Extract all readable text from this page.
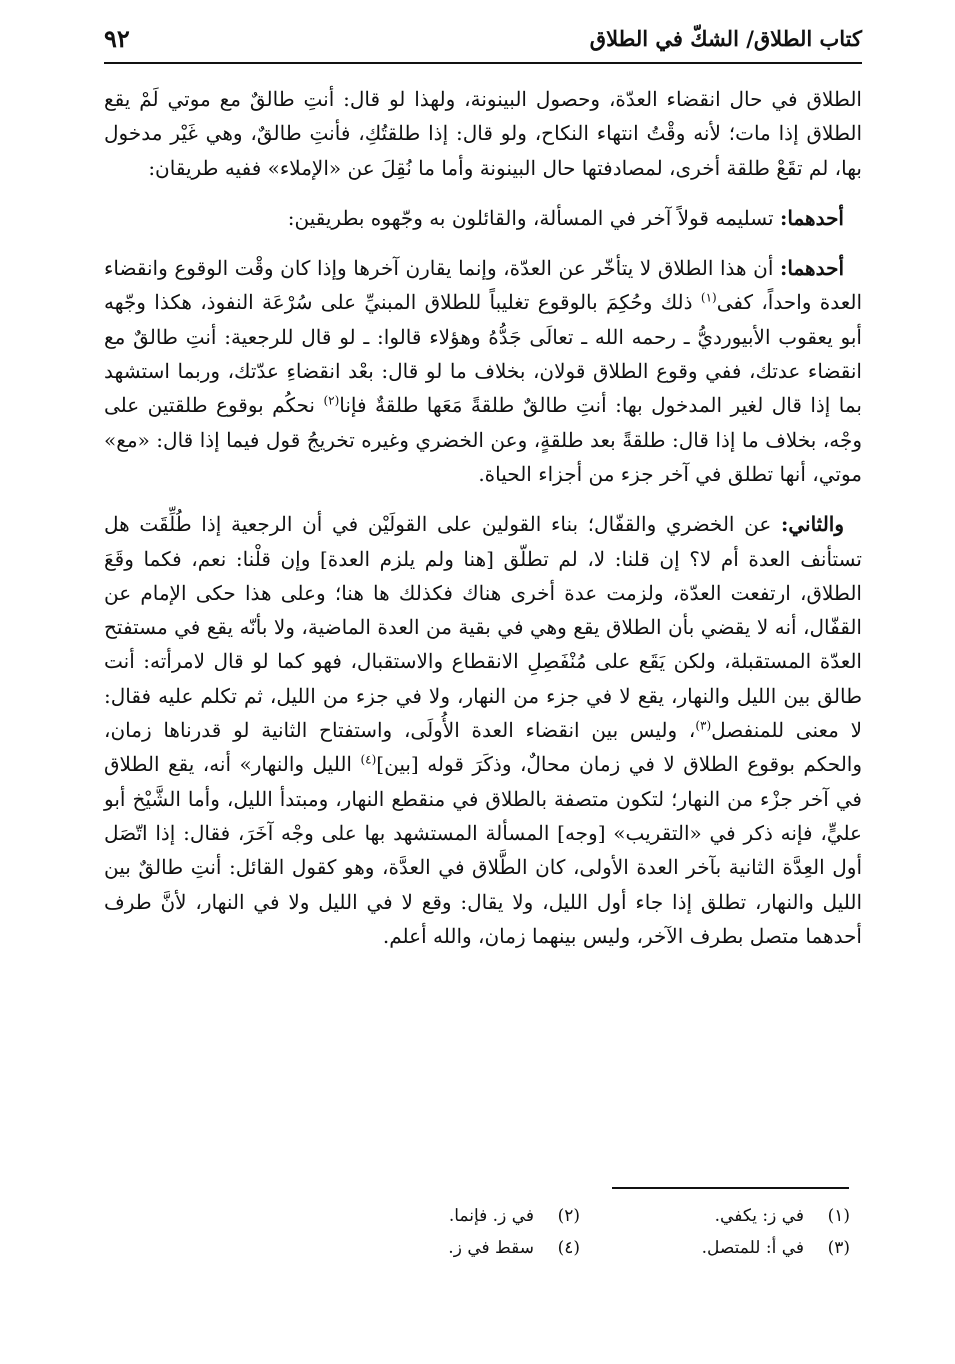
كتاب الطلاق/ الشكّ في الطلاق
٩٢

الطلاق في حال انقضاء العدّة، وحصول البينونة، ولهذا لو قال: أنتِ طالقٌ مع موتي لَمْ يقع الطلاق إذا مات؛ لأنه وقْتُ انتهاء النكاح، ولو قال: إذا طلقتُكِ، فأنتِ طالقٌ، وهي غَيْر مدخول بها، لم تقَعْ طلقة أخرى، لمصادفتها حال البينونة وأما ما نُقِلَ عن «الإملاء» ففيه طريقان:

أحدهما: تسليمه قولاً آخر في المسألة، والقائلون به وجّهوه بطريقين:

أحدهما: أن هذا الطلاق لا يتأخّر عن العدّة، وإنما يقارن آخرها وإذا كان وقْت الوقوع وانقضاء العدة واحداً، كفى$^{(١)}$ ذلك وحُكِمَ بالوقوع تغليباً للطلاق المبنيِّ على سُرْعَة النفوذ، هكذا وجّهه أبو يعقوب الأبيورديُّ ـ رحمه الله ـ تعالَى جَدُّهُ وهؤلاء قالوا: ـ لو قال للرجعية: أنتِ طالقٌ مع انقضاء عدتك، ففي وقوع الطلاق قولان، بخلاف ما لو قال: بعْد انقضاءِ عدّتك، وربما استشهد بما إذا قال لغير المدخول بها: أنتِ طالقٌ طلقةً مَعَها طلقةٌ فإنا$^{(٢)}$ نحكُم بوقوع طلقتين على وجْه، بخلاف ما إذا قال: طلقةً بعد طلقةٍ، وعن الخضري وغيره تخريجُ قول فيما إذا قال: «مع» موتي، أنها تطلق في آخر جزء من أجزاء الحياة.

والثاني: عن الخضري والقفّال؛ بناء القولين على القولَيْن في أن الرجعية إذا طُلِّقَت هل تستأنف العدة أم لا؟ إن قلنا: لا، لم تطلّق [هنا ولم يلزم العدة] وإن قلْنا: نعم، فكما وقَعَ الطلاق، ارتفعت العدّة، ولزمت عدة أخرى هناك فكذلك ها هنا؛ وعلى هذا حكى الإمام عن القفّال، أنه لا يقضي بأن الطلاق يقع وهي في بقية من العدة الماضية، ولا بأنّه يقع في مستفتح العدّة المستقبلة، ولكن يَقَع على مُنْفَصِلِ الانقطاع والاستقبال، فهو كما لو قال لامرأته: أنت طالق بين الليل والنهار، يقع لا في جزء من النهار، ولا في جزء من الليل، ثم تكلم عليه فقال: لا معنى للمنفصل$^{(٣)}$، وليس بين انقضاء العدة الأُولَى، واستفتاح الثانية لو قدرناها زمان، والحكم بوقوع الطلاق لا في زمان محالٌ، وذكَرَ قوله [بين]$^{(٤)}$ الليل والنهار» أنه، يقع الطلاق في آخر جزْء من النهار؛ لتكون متصفة بالطلاق في منقطع النهار، ومبتدأ الليل، وأما الشَّيْخ أبو عليٍّ، فإنه ذكر في «التقريب» [وجه] المسألة المستشهد بها على وجْه آخَرَ، فقال: إذا اتّصَل أول العِدَّة الثانية بآخر العدة الأولى، كان الطَّلاق في العدَّة، وهو كقول القائل: أنتِ طالقٌ بين الليل والنهار، تطلق إذا جاء أول الليل، ولا يقال: وقع لا في الليل ولا في النهار، لأنَّ طرف أحدهما متصل بطرف الآخر، وليس بينهما زمان، والله أعلم.

(١)في ز: يكفي.
(٢)في ز. فإنما.
(٣)في أ: للمتصل.
(٤)سقط في ز.
